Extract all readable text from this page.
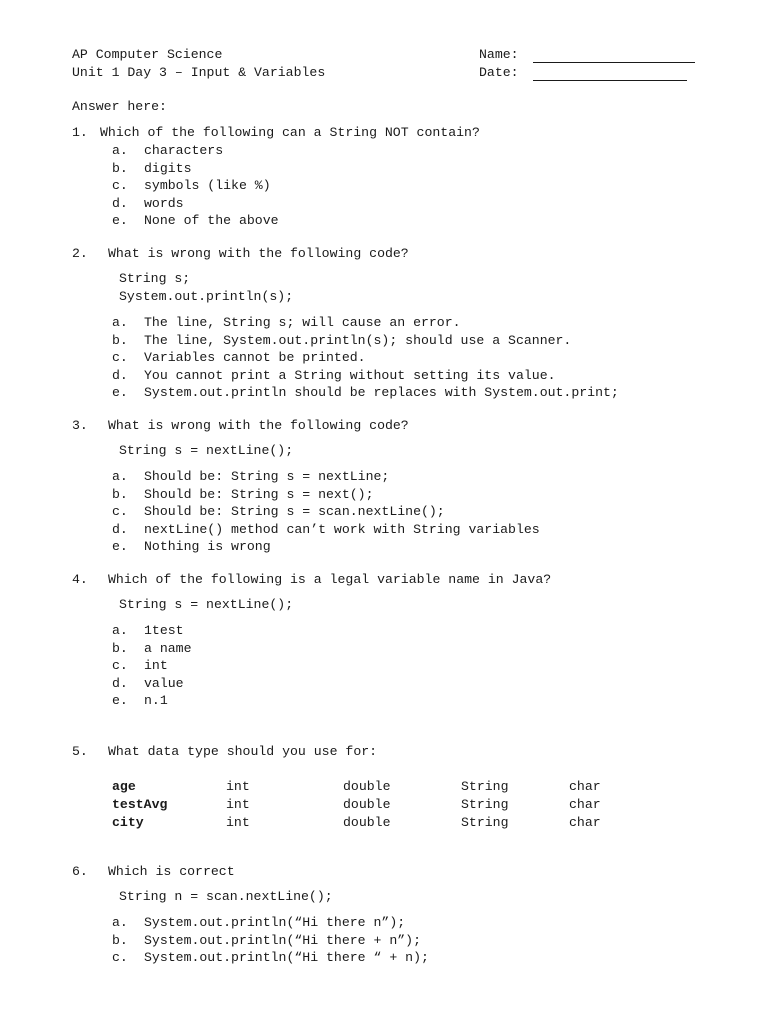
AP Computer Science
Unit 1 Day 3 – Input & Variables
Name:
Date:
Answer here:
1. Which of the following can a String NOT contain?
a. characters
b. digits
c. symbols (like %)
d. words
e. None of the above
2. What is wrong with the following code?
String s;
System.out.println(s);
a. The line, String s; will cause an error.
b. The line, System.out.println(s); should use a Scanner.
c. Variables cannot be printed.
d. You cannot print a String without setting its value.
e. System.out.println should be replaces with System.out.print;
3. What is wrong with the following code?
String s = nextLine();
a. Should be: String s = nextLine;
b. Should be: String s = next();
c. Should be: String s = scan.nextLine();
d. nextLine() method can’t work with String variables
e. Nothing is wrong
4. Which of the following is a legal variable name in Java?
String s = nextLine();
a. 1test
b. a name
c. int
d. value
e. n.1
5. What data type should you use for:
age	int	double	String	char
testAvg	int	double	String	char
city	int	double	String	char
6. Which is correct
String n = scan.nextLine();
a. System.out.println(“Hi there n”);
b. System.out.println(“Hi there + n”);
c. System.out.println(“Hi there “ + n);
